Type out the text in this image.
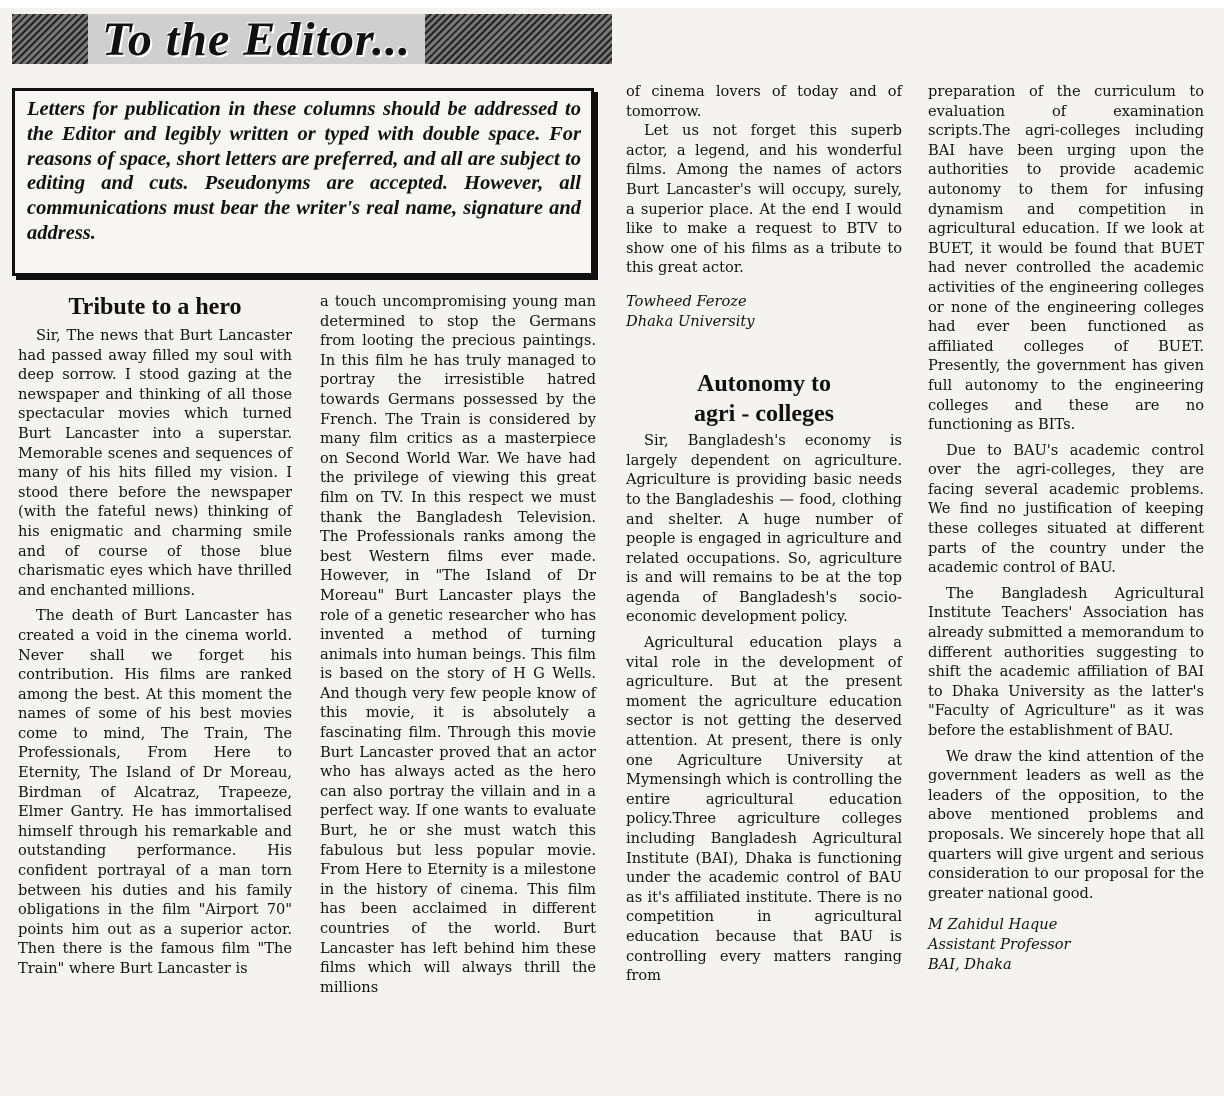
To the Editor...
Letters for publication in these columns should be addressed to the Editor and legibly written or typed with double space. For reasons of space, short letters are preferred, and all are subject to editing and cuts. Pseudonyms are accepted. However, all communications must bear the writer's real name, signature and address.
Tribute to a hero

Sir, The news that Burt Lancaster had passed away filled my soul with deep sorrow. I stood gazing at the newspaper and thinking of all those spectacular movies which turned Burt Lancaster into a superstar. Memorable scenes and sequences of many of his hits filled my vision. I stood there before the newspaper (with the fateful news) thinking of his enigmatic and charming smile and of course of those blue charismatic eyes which have thrilled and enchanted millions.

The death of Burt Lancaster has created a void in the cinema world. Never shall we forget his contribution. His films are ranked among the best. At this moment the names of some of his best movies come to mind, The Train, The Professionals, From Here to Eternity, The Island of Dr Moreau, Birdman of Alcatraz, Trapeeze, Elmer Gantry. He has immortalised himself through his remarkable and outstanding performance. His confident portrayal of a man torn between his duties and his family obligations in the film "Airport 70" points him out as a superior actor. Then there is the famous film "The Train" where Burt Lancaster is

a touch uncompromising young man determined to stop the Germans from looting the precious paintings. In this film he has truly managed to portray the irresistible hatred towards Germans possessed by the French. The Train is considered by many film critics as a masterpiece on Second World War. We have had the privilege of viewing this great film on TV. In this respect we must thank the Bangladesh Television. The Professionals ranks among the best Western films ever made. However, in "The Island of Dr Moreau" Burt Lancaster plays the role of a genetic researcher who has invented a method of turning animals into human beings. This film is based on the story of H G Wells. And though very few people know of this movie, it is absolutely a fascinating film. Through this movie Burt Lancaster proved that an actor who has always acted as the hero can also portray the villain and in a perfect way. If one wants to evaluate Burt, he or she must watch this fabulous but less popular movie. From Here to Eternity is a milestone in the history of cinema. This film has been acclaimed in different countries of the world. Burt Lancaster has left behind him these films which will always thrill the millions

of cinema lovers of today and of tomorrow.

Let us not forget this superb actor, a legend, and his wonderful films. Among the names of actors Burt Lancaster's will occupy, surely, a superior place. At the end I would like to make a request to BTV to show one of his films as a tribute to this great actor.

Towheed Feroze
Dhaka University
Autonomy to
agri - colleges

Sir, Bangladesh's economy is largely dependent on agriculture. Agriculture is providing basic needs to the Bangladeshis — food, clothing and shelter. A huge number of people is engaged in agriculture and related occupations. So, agriculture is and will remains to be at the top agenda of Bangladesh's socio-economic development policy.

Agricultural education plays a vital role in the development of agriculture. But at the present moment the agriculture education sector is not getting the deserved attention. At present, there is only one Agriculture University at Mymensingh which is controlling the entire agricultural education policy.Three agriculture colleges including Bangladesh Agricultural Institute (BAI), Dhaka is functioning under the academic control of BAU as it's affiliated institute. There is no competition in agricultural education because that BAU is controlling every matters ranging from

preparation of the curriculum to evaluation of examination scripts.The agri-colleges including BAI have been urging upon the authorities to provide academic autonomy to them for infusing dynamism and competition in agricultural education. If we look at BUET, it would be found that BUET had never controlled the academic activities of the engineering colleges or none of the engineering colleges had ever been functioned as affiliated colleges of BUET. Presently, the government has given full autonomy to the engineering colleges and these are no functioning as BITs.

Due to BAU's academic control over the agri-colleges, they are facing several academic problems. We find no justification of keeping these colleges situated at different parts of the country under the academic control of BAU.

The Bangladesh Agricultural Institute Teachers' Association has already submitted a memorandum to different authorities suggesting to shift the academic affiliation of BAI to Dhaka University as the latter's "Faculty of Agriculture" as it was before the establishment of BAU.

We draw the kind attention of the government leaders as well as the leaders of the opposition, to the above mentioned problems and proposals. We sincerely hope that all quarters will give urgent and serious consideration to our proposal for the greater national good.

M Zahidul Haque
Assistant Professor
BAI, Dhaka
